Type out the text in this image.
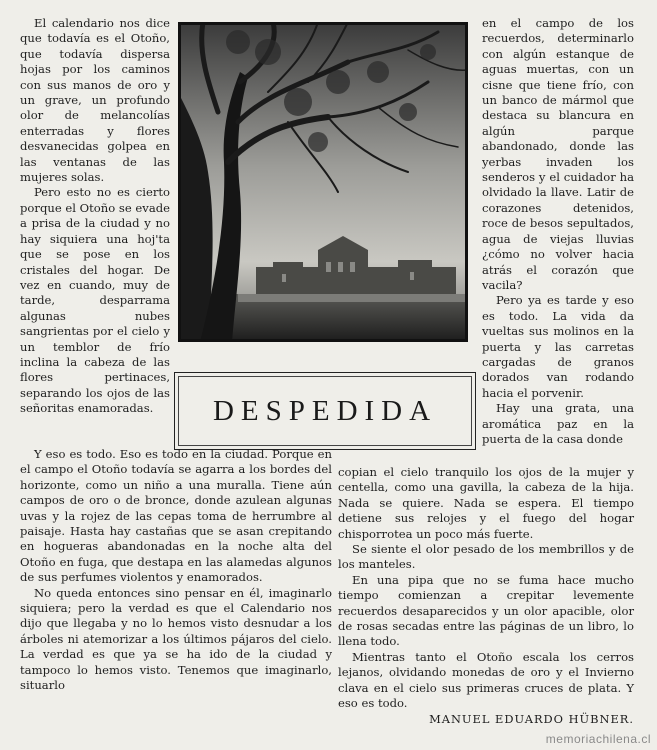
El calendario nos dice que todavía es el Otoño, que todavía dispersa hojas por los caminos con sus manos de oro y un grave, un profundo olor de melancolías enterradas y flores desvanecidas golpea en las ventanas de las mujeres solas.

Pero esto no es cierto porque el Otoño se evade a prisa de la ciudad y no hay siquiera una hoj'ta que se pose en los cristales del hogar. De vez en cuando, muy de tarde, desparrama algunas nubes sangrientas por el cielo y un temblor de frío inclina la cabeza de las flores pertinaces, separando los ojos de las señoritas enamoradas.

en el campo de los recuerdos, determinarlo con algún estanque de aguas muertas, con un cisne que tiene frío, con un banco de mármol que destaca su blancura en algún parque abandonado, donde las yerbas invaden los senderos y el cuidador ha olvidado la llave. Latir de corazones detenidos, roce de besos sepultados, agua de viejas lluvias ¿cómo no volver hacia atrás el corazón que vacila?

Pero ya es tarde y eso es todo. La vida da vueltas sus molinos en la puerta y las carretas cargadas de granos dorados van rodando hacia el porvenir.

Hay una grata, una aromática paz en la puerta de la casa donde

DESPEDIDA

Y eso es todo. Eso es todo en la ciudad. Porque en el campo el Otoño todavía se agarra a los bordes del horizonte, como un niño a una muralla. Tiene aún campos de oro o de bronce, donde azulean algunas uvas y la rojez de las cepas toma de herrumbre al paisaje. Hasta hay castañas que se asan crepitando en hogueras abandonadas en la noche alta del Otoño en fuga, que destapa en las alamedas algunos de sus perfumes violentos y enamorados.

No queda entonces sino pensar en él, imaginarlo siquiera; pero la verdad es que el Calendario nos dijo que llegaba y no lo hemos visto desnudar a los árboles ni atemorizar a los últimos pájaros del cielo. La verdad es que ya se ha ido de la ciudad y tampoco lo hemos visto. Tenemos que imaginarlo, situarlo

copian el cielo tranquilo los ojos de la mujer y centella, como una gavilla, la cabeza de la hija. Nada se quiere. Nada se espera. El tiempo detiene sus relojes y el fuego del hogar chisporrotea un poco más fuerte.

Se siente el olor pesado de los membrillos y de los manteles.

En una pipa que no se fuma hace mucho tiempo comienzan a crepitar levemente recuerdos desaparecidos y un olor apacible, olor de rosas secadas entre las páginas de un libro, lo llena todo.

Mientras tanto el Otoño escala los cerros lejanos, olvidando monedas de oro y el Invierno clava en el cielo sus primeras cruces de plata. Y eso es todo.

MANUEL EDUARDO HÜBNER.
memoriachilena.cl
